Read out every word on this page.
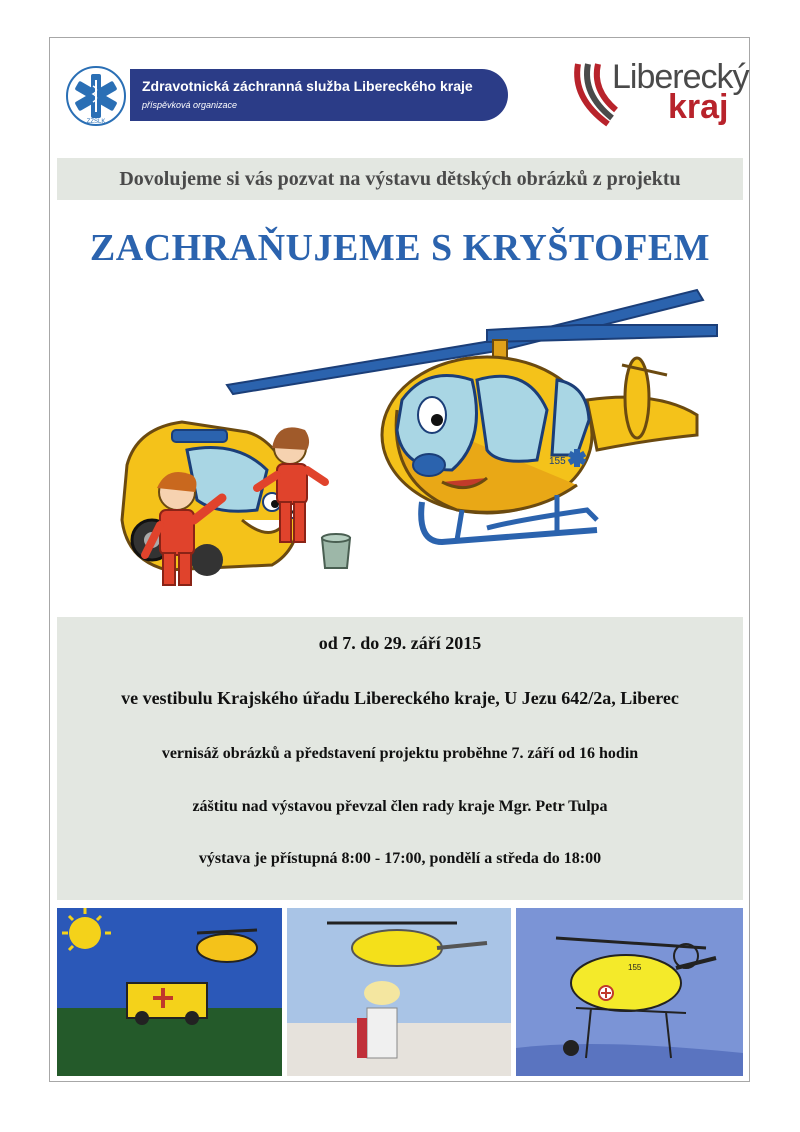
ZZSLK
Zdravotnická záchranná služba Libereckého kraje
příspěvková organizace
Liberecký
kraj
Dovolujeme si vás pozvat na výstavu dětských obrázků z projektu
ZACHRAŇUJEME S KRYŠTOFEM
155
od 7. do 29. září 2015
ve vestibulu Krajského úřadu Libereckého kraje, U Jezu 642/2a, Liberec
vernisáž obrázků a představení projektu proběhne 7. září od 16 hodin
záštitu nad výstavou převzal člen rady kraje Mgr. Petr Tulpa
výstava je přístupná 8:00 - 17:00, pondělí a středa do 18:00
155
